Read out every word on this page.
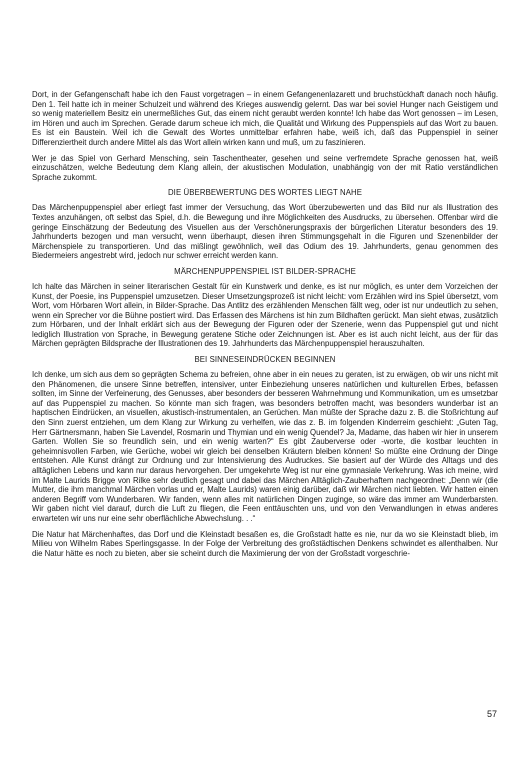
Dort, in der Gefangenschaft habe ich den Faust vorgetragen – in einem Gefangenenlazarett und bruchstückhaft danach noch häufig. Den 1. Teil hatte ich in meiner Schulzeit und während des Krieges auswendig gelernt. Das war bei soviel Hunger nach Geistigem und so wenig materiellem Besitz ein unermeßliches Gut, das einem nicht geraubt werden konnte! Ich habe das Wort genossen – im Lesen, im Hören und auch im Sprechen. Gerade darum scheue ich mich, die Qualität und Wirkung des Puppenspiels auf das Wort zu bauen. Es ist ein Baustein. Weil ich die Gewalt des Wortes unmittelbar erfahren habe, weiß ich, daß das Puppenspiel in seiner Differenziertheit durch andere Mittel als das Wort allein wirken kann und muß, um zu faszinieren.

Wer je das Spiel von Gerhard Mensching, sein Taschentheater, gesehen und seine verfremdete Sprache genossen hat, weiß einzuschätzen, welche Bedeutung dem Klang allein, der akustischen Modulation, unabhängig von der mit Ratio verständlichen Sprache zukommt.

DIE ÜBERBEWERTUNG DES WORTES LIEGT NAHE

Das Märchenpuppenspiel aber erliegt fast immer der Versuchung, das Wort überzubewerten und das Bild nur als Illustration des Textes anzuhängen, oft selbst das Spiel, d.h. die Bewegung und ihre Möglichkeiten des Ausdrucks, zu übersehen. Offenbar wird die geringe Einschätzung der Bedeutung des Visuellen aus der Verschönerungspraxis der bürgerlichen Literatur besonders des 19. Jahrhunderts bezogen und man versucht, wenn überhaupt, diesen ihren Stimmungsgehalt in die Figuren und Szenenbilder der Märchenspiele zu transportieren. Und das mißlingt gewöhnlich, weil das Odium des 19. Jahrhunderts, genau genommen des Biedermeiers angestrebt wird, jedoch nur schwer erreicht werden kann.

MÄRCHENPUPPENSPIEL IST BILDER-SPRACHE

Ich halte das Märchen in seiner literarischen Gestalt für ein Kunstwerk und denke, es ist nur möglich, es unter dem Vorzeichen der Kunst, der Poesie, ins Puppenspiel umzusetzen. Dieser Umsetzungsprozeß ist nicht leicht: vom Erzählen wird ins Spiel übersetzt, vom Wort, vom Hörbaren Wort allein, in Bilder-Sprache. Das Antlitz des erzählenden Menschen fällt weg, oder ist nur undeutlich zu sehen, wenn ein Sprecher vor die Bühne postiert wird. Das Erfassen des Märchens ist hin zum Bildhaften gerückt. Man sieht etwas, zusätzlich zum Hörbaren, und der Inhalt erklärt sich aus der Bewegung der Figuren oder der Szenerie, wenn das Puppenspiel gut und nicht lediglich Illustration von Sprache, in Bewegung geratene Stiche oder Zeichnungen ist. Aber es ist auch nicht leicht, aus der für das Märchen geprägten Bildsprache der Illustrationen des 19. Jahrhunderts das Märchenpuppenspiel herauszuhalten.

BEI SINNESEINDRÜCKEN BEGINNEN

Ich denke, um sich aus dem so geprägten Schema zu befreien, ohne aber in ein neues zu geraten, ist zu erwägen, ob wir uns nicht mit den Phänomenen, die unsere Sinne betreffen, intensiver, unter Einbeziehung unseres natürlichen und kulturellen Erbes, befassen sollten, im Sinne der Verfeinerung, des Genusses, aber besonders der besseren Wahrnehmung und Kommunikation, um es umsetzbar auf das Puppenspiel zu machen. So könnte man sich fragen, was besonders betroffen macht, was besonders wunderbar ist an haptischen Eindrücken, an visuellen, akustisch-instrumentalen, an Gerüchen. Man müßte der Sprache dazu z. B. die Stoßrichtung auf den Sinn zuerst entziehen, um dem Klang zur Wirkung zu verhelfen, wie das z. B. im folgenden Kinderreim geschieht: „Guten Tag, Herr Gärtnersmann, haben Sie Lavendel, Rosmarin und Thymian und ein wenig Quendel? Ja, Madame, das haben wir hier in unserem Garten. Wollen Sie so freundlich sein, und ein wenig warten?“ Es gibt Zauberverse oder -worte, die kostbar leuchten in geheimnisvollen Farben, wie Gerüche, wobei wir gleich bei denselben Kräutern bleiben können! So müßte eine Ordnung der Dinge entstehen. Alle Kunst drängt zur Ordnung und zur Intensivierung des Audruckes. Sie basiert auf der Würde des Alltags und des alltäglichen Lebens und kann nur daraus hervorgehen. Der umgekehrte Weg ist nur eine gymnasiale Verkehrung. Was ich meine, wird im Malte Laurids Brigge von Rilke sehr deutlich gesagt und dabei das Märchen Alltäglich-Zauberhaftem nachgeordnet: „Denn wir (die Mutter, die ihm manchmal Märchen vorlas und er, Malte Laurids) waren einig darüber, daß wir Märchen nicht liebten. Wir hatten einen anderen Begriff vom Wunderbaren. Wir fanden, wenn alles mit natürlichen Dingen zuginge, so wäre das immer am Wunderbarsten. Wir gaben nicht viel darauf, durch die Luft zu fliegen, die Feen enttäuschten uns, und von den Verwandlungen in etwas anderes erwarteten wir uns nur eine sehr oberflächliche Abwechslung. . .“

Die Natur hat Märchenhaftes, das Dorf und die Kleinstadt besaßen es, die Großstadt hatte es nie, nur da wo sie Kleinstadt blieb, im Milieu von Wilhelm Rabes Sperlingsgasse. In der Folge der Verbreitung des großstädtischen Denkens schwindet es allenthalben. Nur die Natur hätte es noch zu bieten, aber sie scheint durch die Maximierung der von der Großstadt vorgeschrie-

57
